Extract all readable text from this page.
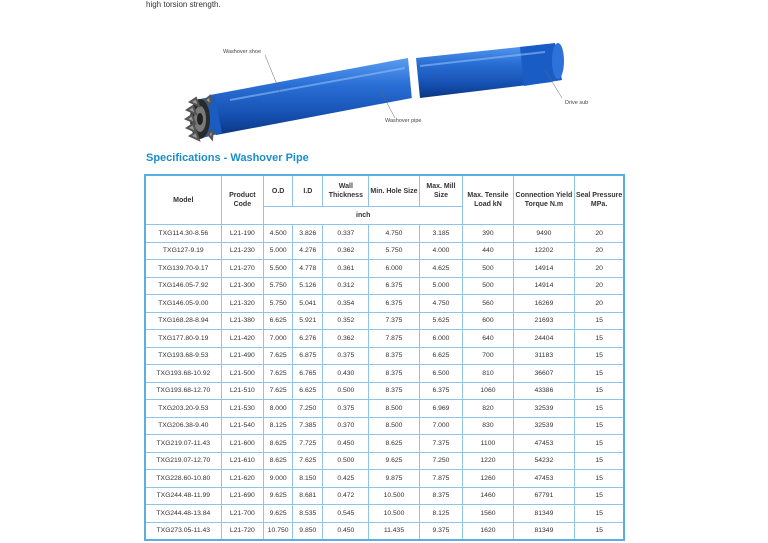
high torsion strength.
Washover shoe
Washover pipe
Drive sub
Specifications - Washover Pipe
Model	Product Code	O.D	I.D	Wall Thickness	Min. Hole Size	Max. Mill Size	Max. Tensile Load kN	Connection Yield Torque N.m	Seal Pressure MPa.
		inch							
TXG114.30-8.56	L21-190	4.500	3.826	0.337	4.750	3.185	390	9490	20
TXG127-9.19	L21-230	5.000	4.276	0.362	5.750	4.000	440	12202	20
TXG139.70-9.17	L21-270	5.500	4.778	0.361	6.000	4.625	500	14914	20
TXG146.05-7.92	L21-300	5.750	5.126	0.312	6.375	5.000	500	14914	20
TXG146.05-9.00	L21-320	5.750	5.041	0.354	6.375	4.750	560	16269	20
TXG168.28-8.94	L21-380	6.625	5.921	0.352	7.375	5.625	600	21693	15
TXG177.80-9.19	L21-420	7.000	6.276	0.362	7.875	6.000	640	24404	15
TXG193.68-9.53	L21-490	7.625	6.875	0.375	8.375	6.625	700	31183	15
TXG193.68-10.92	L21-500	7.625	6.765	0.430	8.375	6.500	810	36607	15
TXG193.68-12.70	L21-510	7.625	6.625	0.500	8.375	6.375	1060	43386	15
TXG203.20-9.53	L21-530	8.000	7.250	0.375	8.500	6.969	820	32539	15
TXG206.38-9.40	L21-540	8.125	7.385	0.370	8.500	7.000	830	32539	15
TXG219.07-11.43	L21-600	8.625	7.725	0.450	8.625	7.375	1100	47453	15
TXG219.07-12.70	L21-610	8.625	7.625	0.500	9.625	7.250	1220	54232	15
TXG228.60-10.80	L21-620	9.000	8.150	0.425	9.875	7.875	1260	47453	15
TXG244.48-11.99	L21-690	9.625	8.681	0.472	10.500	8.375	1460	67791	15
TXG244.48-13.84	L21-700	9.625	8.535	0.545	10.500	8.125	1560	81349	15
TXG273.05-11.43	L21-720	10.750	9.850	0.450	11.435	9.375	1620	81349	15
